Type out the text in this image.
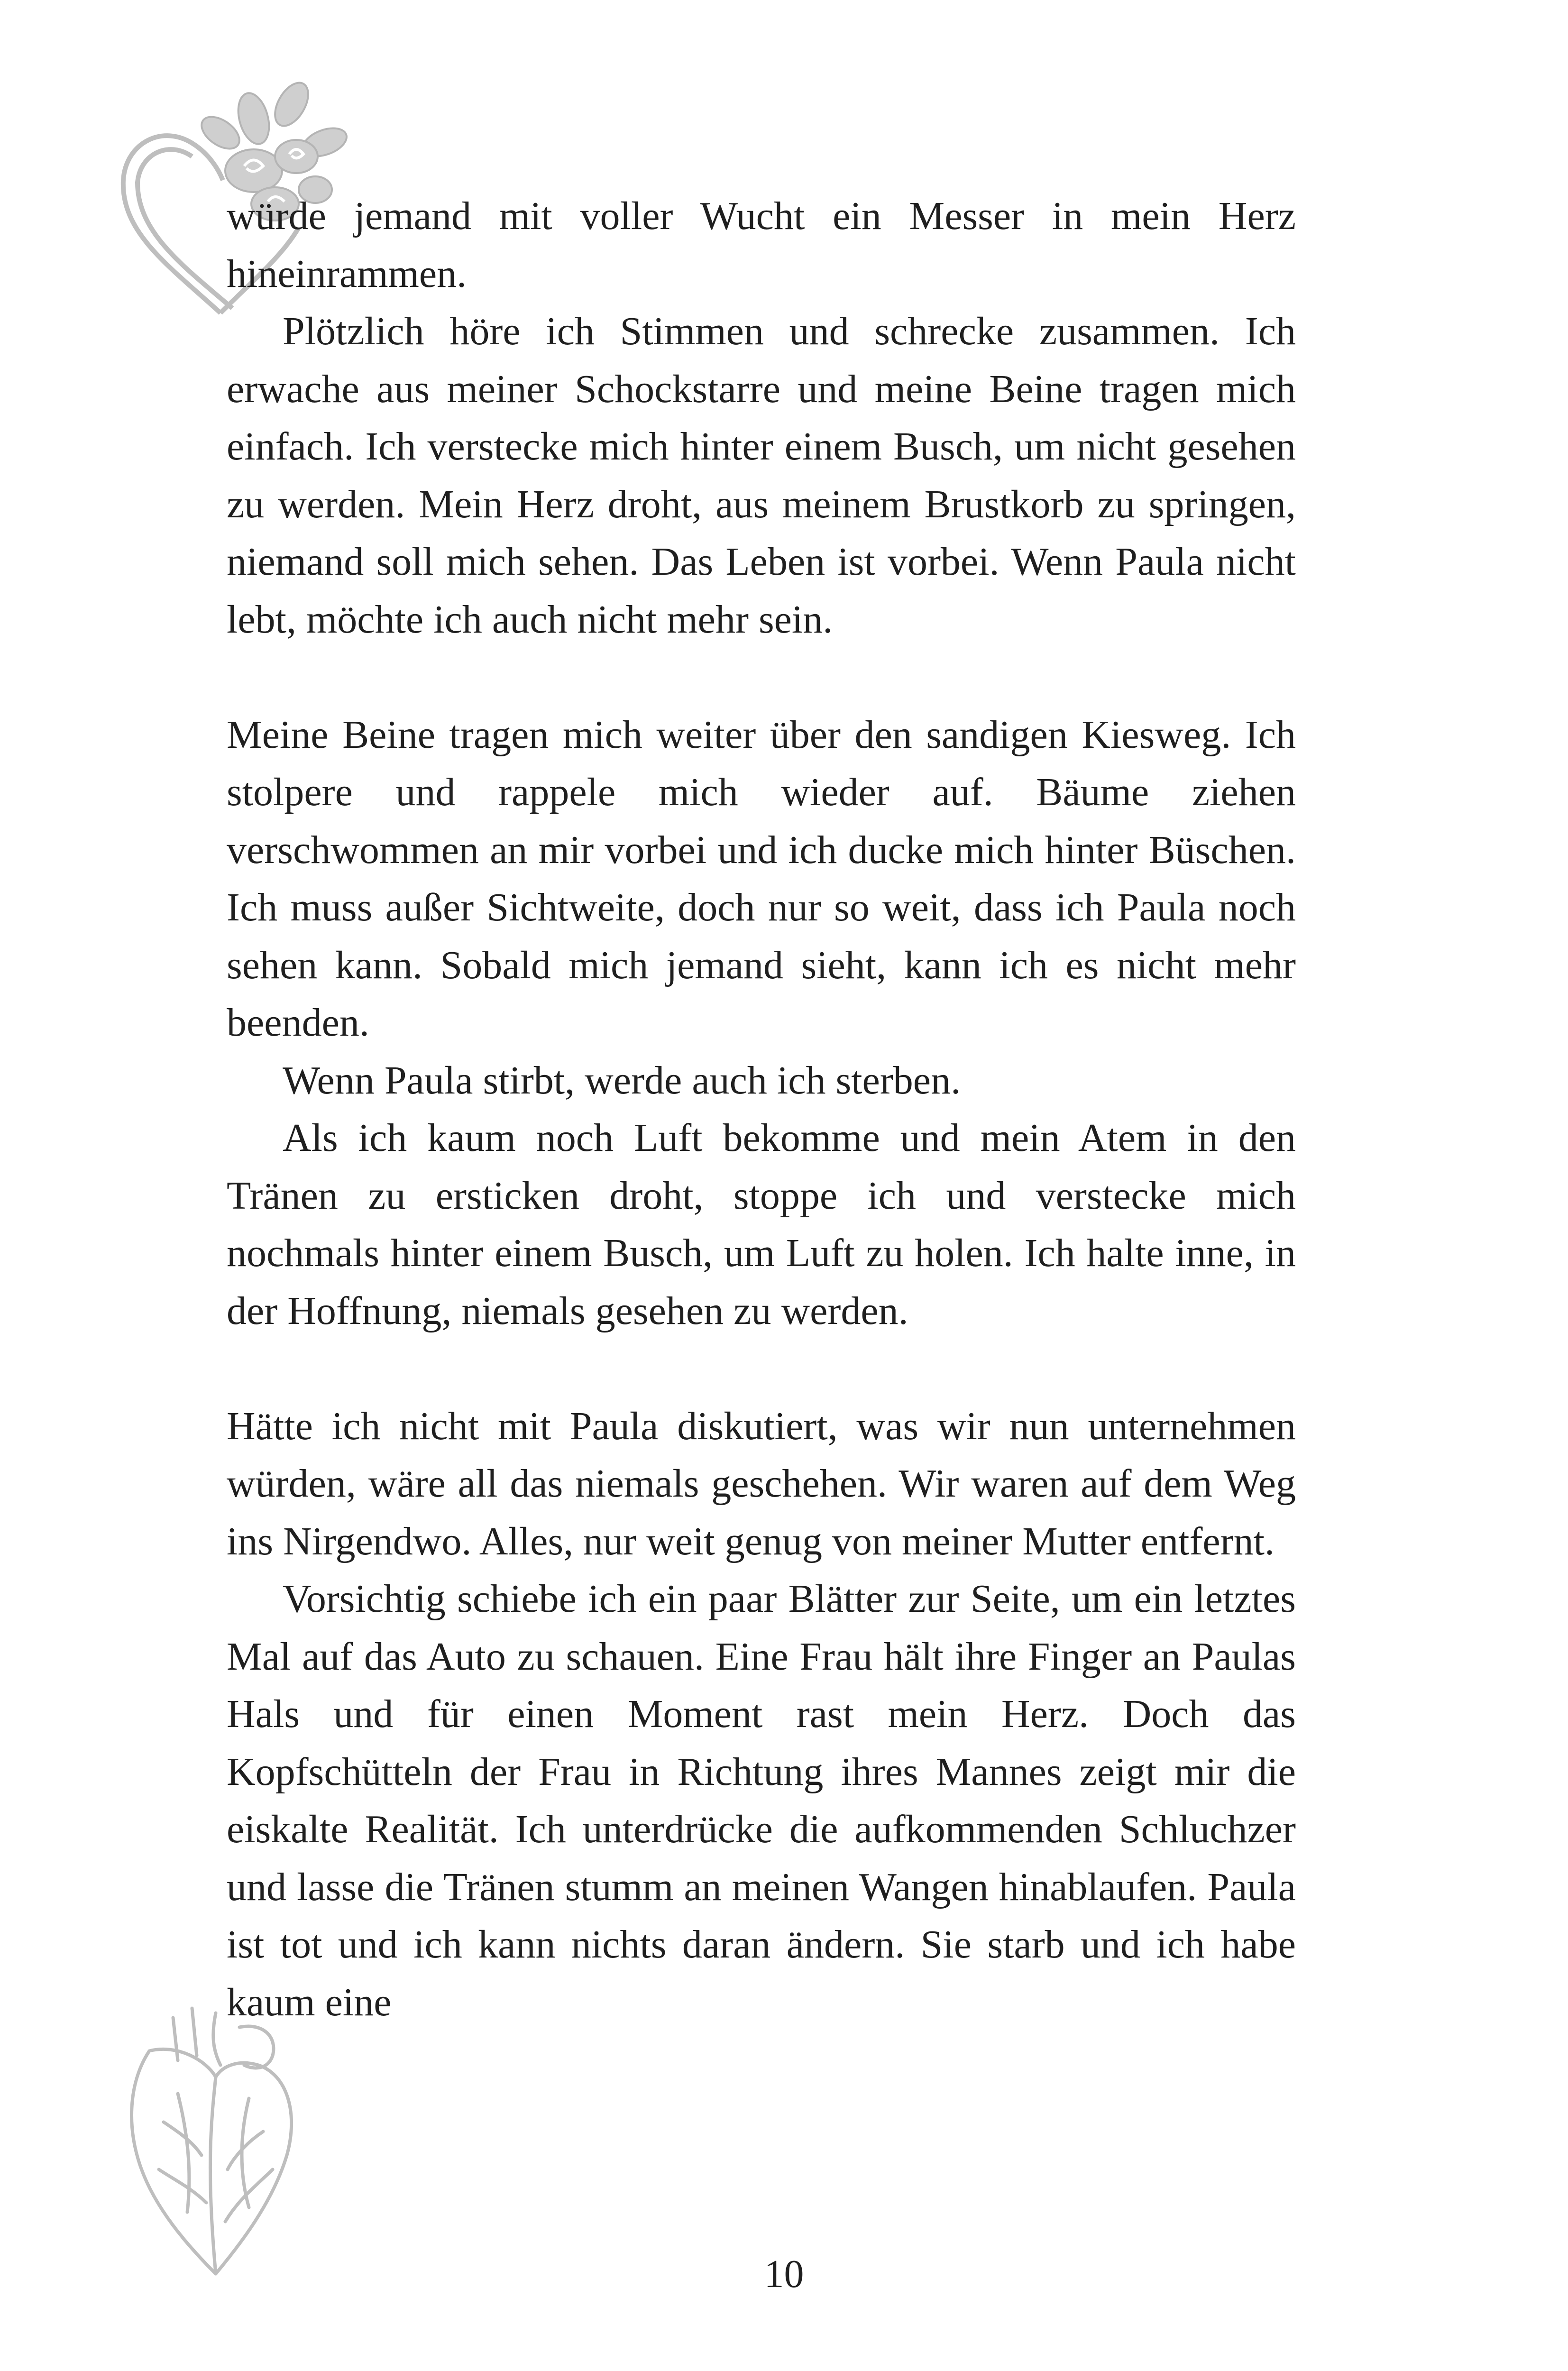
würde jemand mit voller Wucht ein Messer in mein Herz hineinrammen.

Plötzlich höre ich Stimmen und schrecke zusammen. Ich erwache aus meiner Schockstarre und meine Beine tragen mich einfach. Ich verstecke mich hinter einem Busch, um nicht gesehen zu werden. Mein Herz droht, aus meinem Brustkorb zu springen, niemand soll mich sehen. Das Leben ist vorbei. Wenn Paula nicht lebt, möchte ich auch nicht mehr sein.

Meine Beine tragen mich weiter über den sandigen Kiesweg. Ich stolpere und rappele mich wieder auf. Bäume ziehen verschwommen an mir vorbei und ich ducke mich hinter Büschen. Ich muss außer Sichtweite, doch nur so weit, dass ich Paula noch sehen kann. Sobald mich jemand sieht, kann ich es nicht mehr beenden.

Wenn Paula stirbt, werde auch ich sterben.

Als ich kaum noch Luft bekomme und mein Atem in den Tränen zu ersticken droht, stoppe ich und verstecke mich nochmals hinter einem Busch, um Luft zu holen. Ich halte inne, in der Hoffnung, niemals gesehen zu werden.

Hätte ich nicht mit Paula diskutiert, was wir nun unternehmen würden, wäre all das niemals geschehen. Wir waren auf dem Weg ins Nirgendwo. Alles, nur weit genug von meiner Mutter entfernt.

Vorsichtig schiebe ich ein paar Blätter zur Seite, um ein letztes Mal auf das Auto zu schauen. Eine Frau hält ihre Finger an Paulas Hals und für einen Moment rast mein Herz. Doch das Kopfschütteln der Frau in Richtung ihres Mannes zeigt mir die eiskalte Realität. Ich unterdrücke die aufkommenden Schluchzer und lasse die Tränen stumm an meinen Wangen hinablaufen. Paula ist tot und ich kann nichts daran ändern. Sie starb und ich habe kaum eine

10
